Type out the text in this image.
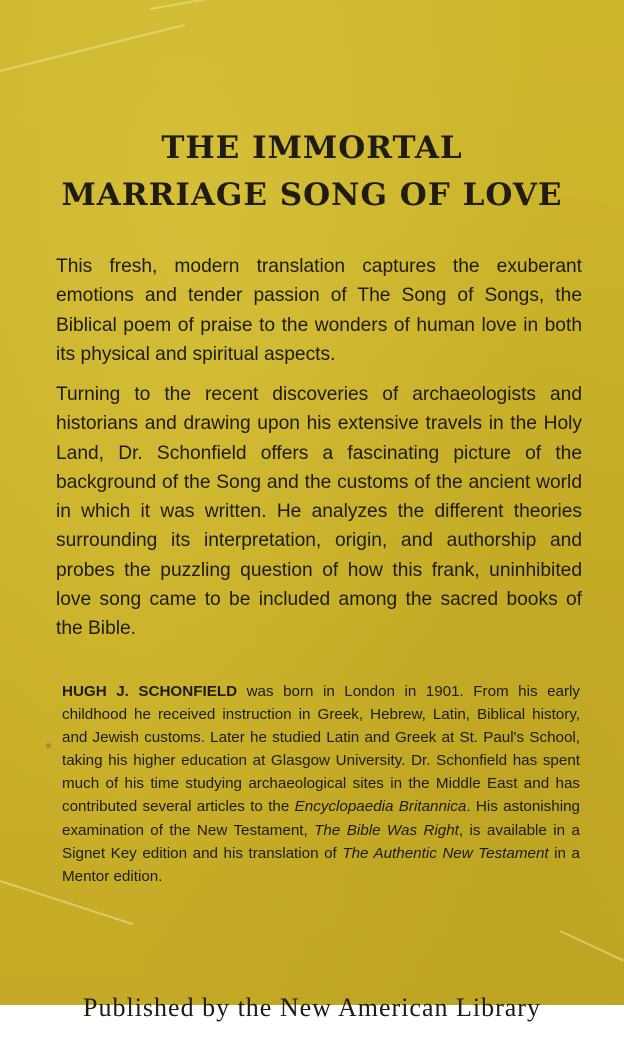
THE IMMORTAL
MARRIAGE SONG OF LOVE
This fresh, modern translation captures the exuberant emotions and tender passion of The Song of Songs, the Biblical poem of praise to the wonders of human love in both its physical and spiritual aspects.
Turning to the recent discoveries of archaeologists and historians and drawing upon his extensive travels in the Holy Land, Dr. Schonfield offers a fascinating picture of the background of the Song and the customs of the ancient world in which it was written. He analyzes the different theories surrounding its interpretation, origin, and authorship and probes the puzzling question of how this frank, uninhibited love song came to be included among the sacred books of the Bible.
HUGH J. SCHONFIELD was born in London in 1901. From his early childhood he received instruction in Greek, Hebrew, Latin, Biblical history, and Jewish customs. Later he studied Latin and Greek at St. Paul's School, taking his higher education at Glasgow University. Dr. Schonfield has spent much of his time studying archaeological sites in the Middle East and has contributed several articles to the Encyclopaedia Britannica. His astonishing examination of the New Testament, The Bible Was Right, is available in a Signet Key edition and his translation of The Authentic New Testament in a Mentor edition.
Published by the New American Library
